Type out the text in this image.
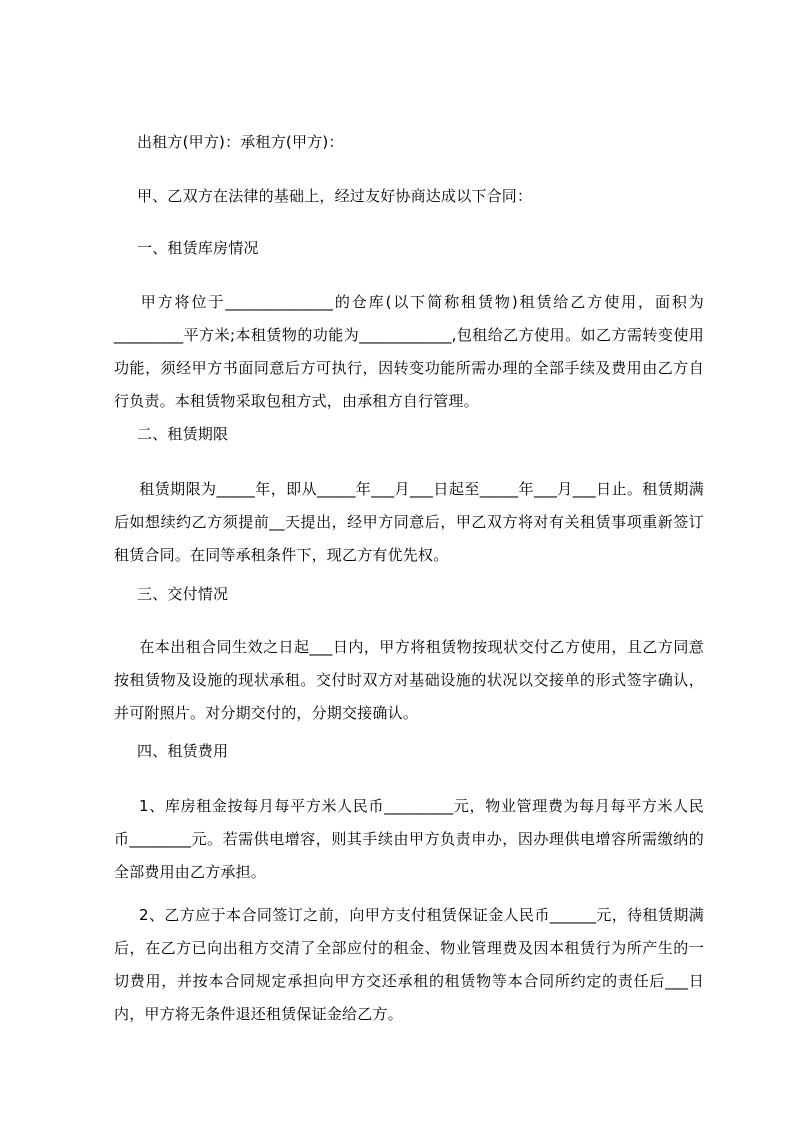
出租方(甲方)：承租方(甲方)：
甲、乙双方在法律的基础上，经过友好协商达成以下合同：
一、租赁库房情况
甲方将位于______________的仓库(以下简称租赁物)租赁给乙方使用，面积为_________平方米;本租赁物的功能为____________,包租给乙方使用。如乙方需转变使用功能，须经甲方书面同意后方可执行，因转变功能所需办理的全部手续及费用由乙方自行负责。本租赁物采取包租方式，由承租方自行管理。
二、租赁期限
租赁期限为_____年，即从_____年___月___日起至_____年___月___日止。租赁期满后如想续约乙方须提前__天提出，经甲方同意后，甲乙双方将对有关租赁事项重新签订租赁合同。在同等承租条件下，现乙方有优先权。
三、交付情况
在本出租合同生效之日起___日内，甲方将租赁物按现状交付乙方使用，且乙方同意按租赁物及设施的现状承租。交付时双方对基础设施的状况以交接单的形式签字确认，并可附照片。对分期交付的，分期交接确认。
四、租赁费用
1、库房租金按每月每平方米人民币_________元，物业管理费为每月每平方米人民币________元。若需供电增容，则其手续由甲方负责申办，因办理供电增容所需缴纳的全部费用由乙方承担。
2、乙方应于本合同签订之前，向甲方支付租赁保证金人民币______元，待租赁期满后，在乙方已向出租方交清了全部应付的租金、物业管理费及因本租赁行为所产生的一切费用，并按本合同规定承担向甲方交还承租的租赁物等本合同所约定的责任后___日内，甲方将无条件退还租赁保证金给乙方。
